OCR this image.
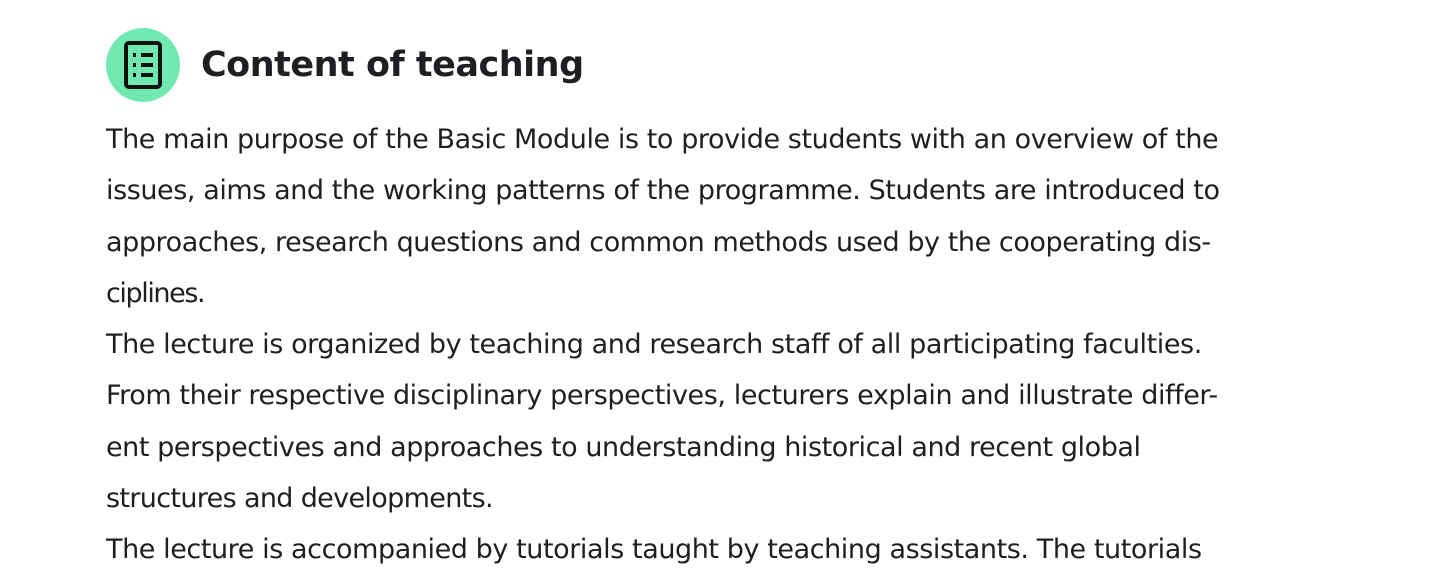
Content of teaching
The main purpose of the Basic Module is to provide students with an overview of the
issues, aims and the working patterns of the programme. Students are introduced to
approaches, research questions and common methods used by the cooperating dis-
ciplines.
The lecture is organized by teaching and research staff of all participating faculties.
From their respective disciplinary perspectives, lecturers explain and illustrate differ-
ent perspectives and approaches to understanding historical and recent global
structures and developments.
The lecture is accompanied by tutorials taught by teaching assistants. The tutorials
